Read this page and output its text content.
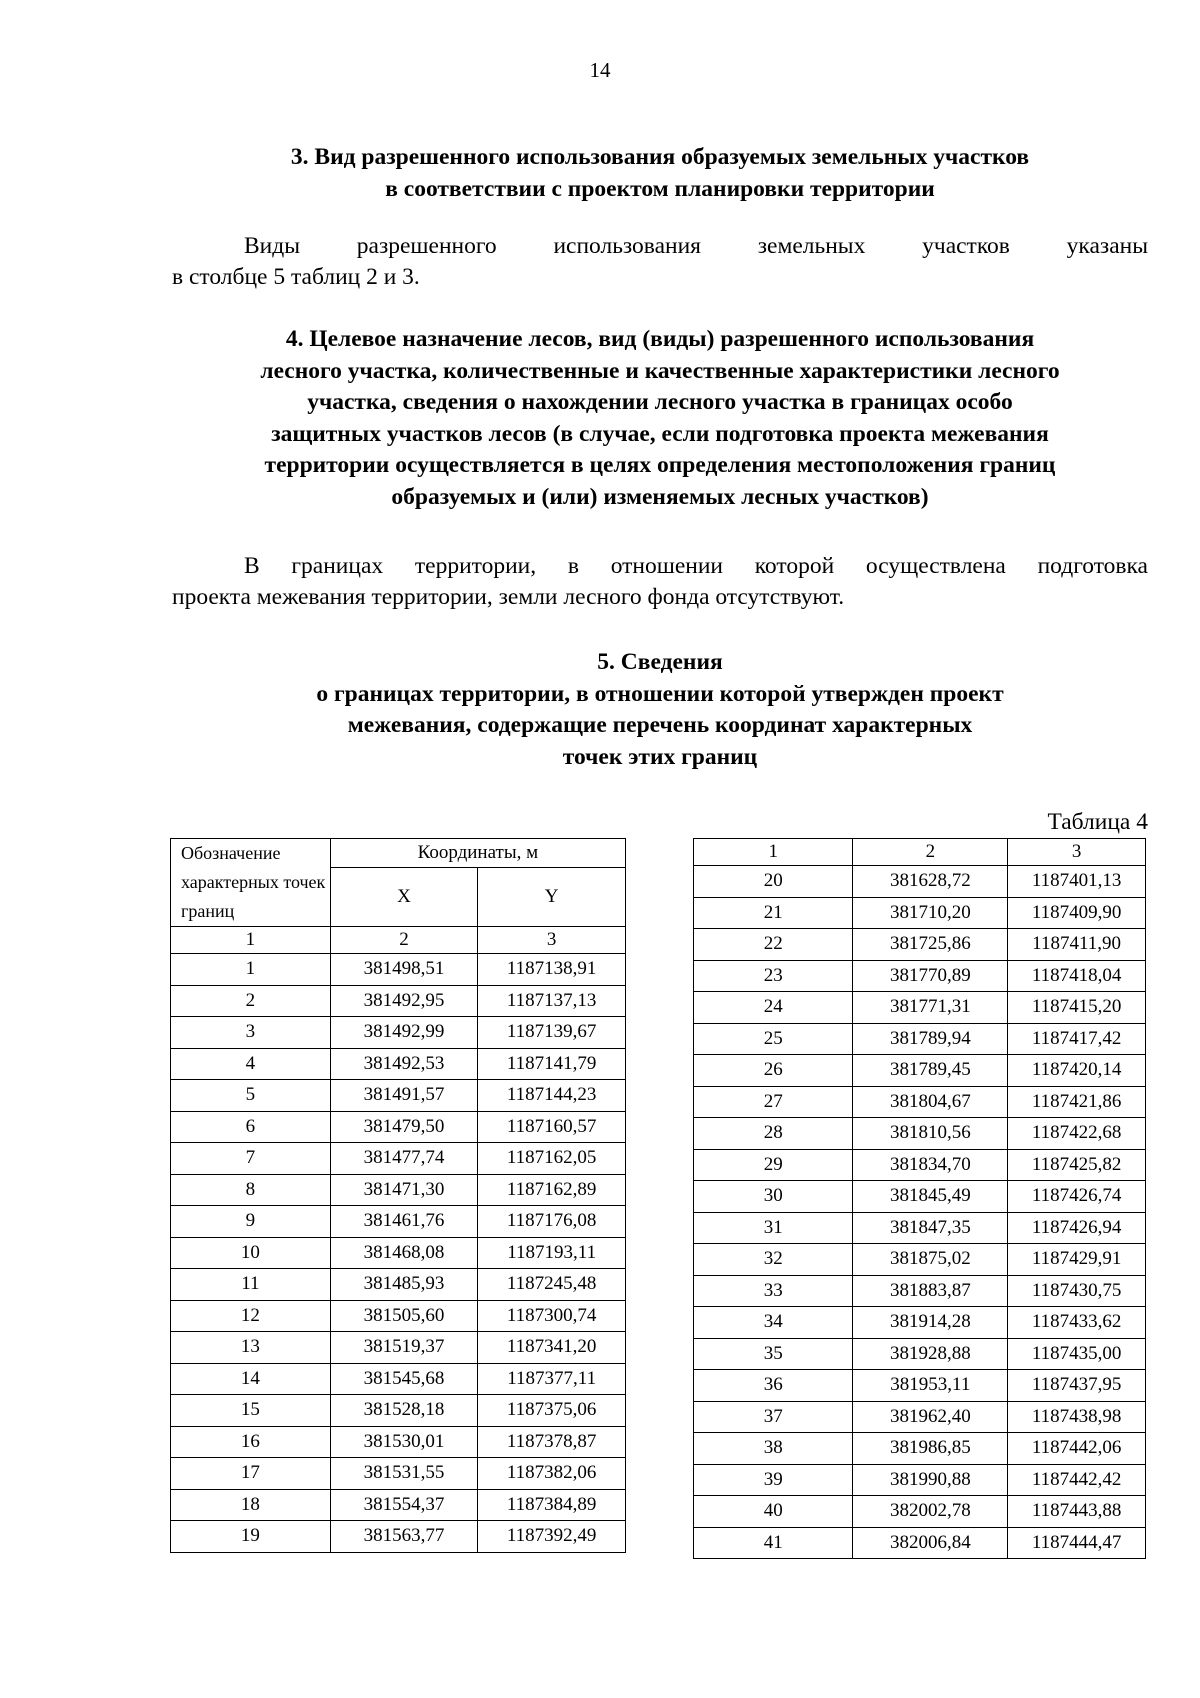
14
3. Вид разрешенного использования образуемых земельных участков
в соответствии с проектом планировки территории
Виды разрешенного использования земельных участков указаны
в столбце 5 таблиц 2 и 3.
4. Целевое назначение лесов, вид (виды) разрешенного использования
лесного участка, количественные и качественные характеристики лесного
участка, сведения о нахождении лесного участка в границах особо
защитных участков лесов (в случае, если подготовка проекта межевания
территории осуществляется в целях определения местоположения границ
образуемых и (или) изменяемых лесных участков)
В границах территории, в отношении которой осуществлена подготовка
проекта межевания территории, земли лесного фонда отсутствуют.
5. Сведения
о границах территории, в отношении которой утвержден проект
межевания, содержащие перечень координат характерных
точек этих границ
Таблица 4
Обозначение характерных точек границ	Координаты, м	
	X	Y
1	2	3
1	381498,51	1187138,91
2	381492,95	1187137,13
3	381492,99	1187139,67
4	381492,53	1187141,79
5	381491,57	1187144,23
6	381479,50	1187160,57
7	381477,74	1187162,05
8	381471,30	1187162,89
9	381461,76	1187176,08
10	381468,08	1187193,11
11	381485,93	1187245,48
12	381505,60	1187300,74
13	381519,37	1187341,20
14	381545,68	1187377,11
15	381528,18	1187375,06
16	381530,01	1187378,87
17	381531,55	1187382,06
18	381554,37	1187384,89
19	381563,77	1187392,49
1	2	3
20	381628,72	1187401,13
21	381710,20	1187409,90
22	381725,86	1187411,90
23	381770,89	1187418,04
24	381771,31	1187415,20
25	381789,94	1187417,42
26	381789,45	1187420,14
27	381804,67	1187421,86
28	381810,56	1187422,68
29	381834,70	1187425,82
30	381845,49	1187426,74
31	381847,35	1187426,94
32	381875,02	1187429,91
33	381883,87	1187430,75
34	381914,28	1187433,62
35	381928,88	1187435,00
36	381953,11	1187437,95
37	381962,40	1187438,98
38	381986,85	1187442,06
39	381990,88	1187442,42
40	382002,78	1187443,88
41	382006,84	1187444,47
